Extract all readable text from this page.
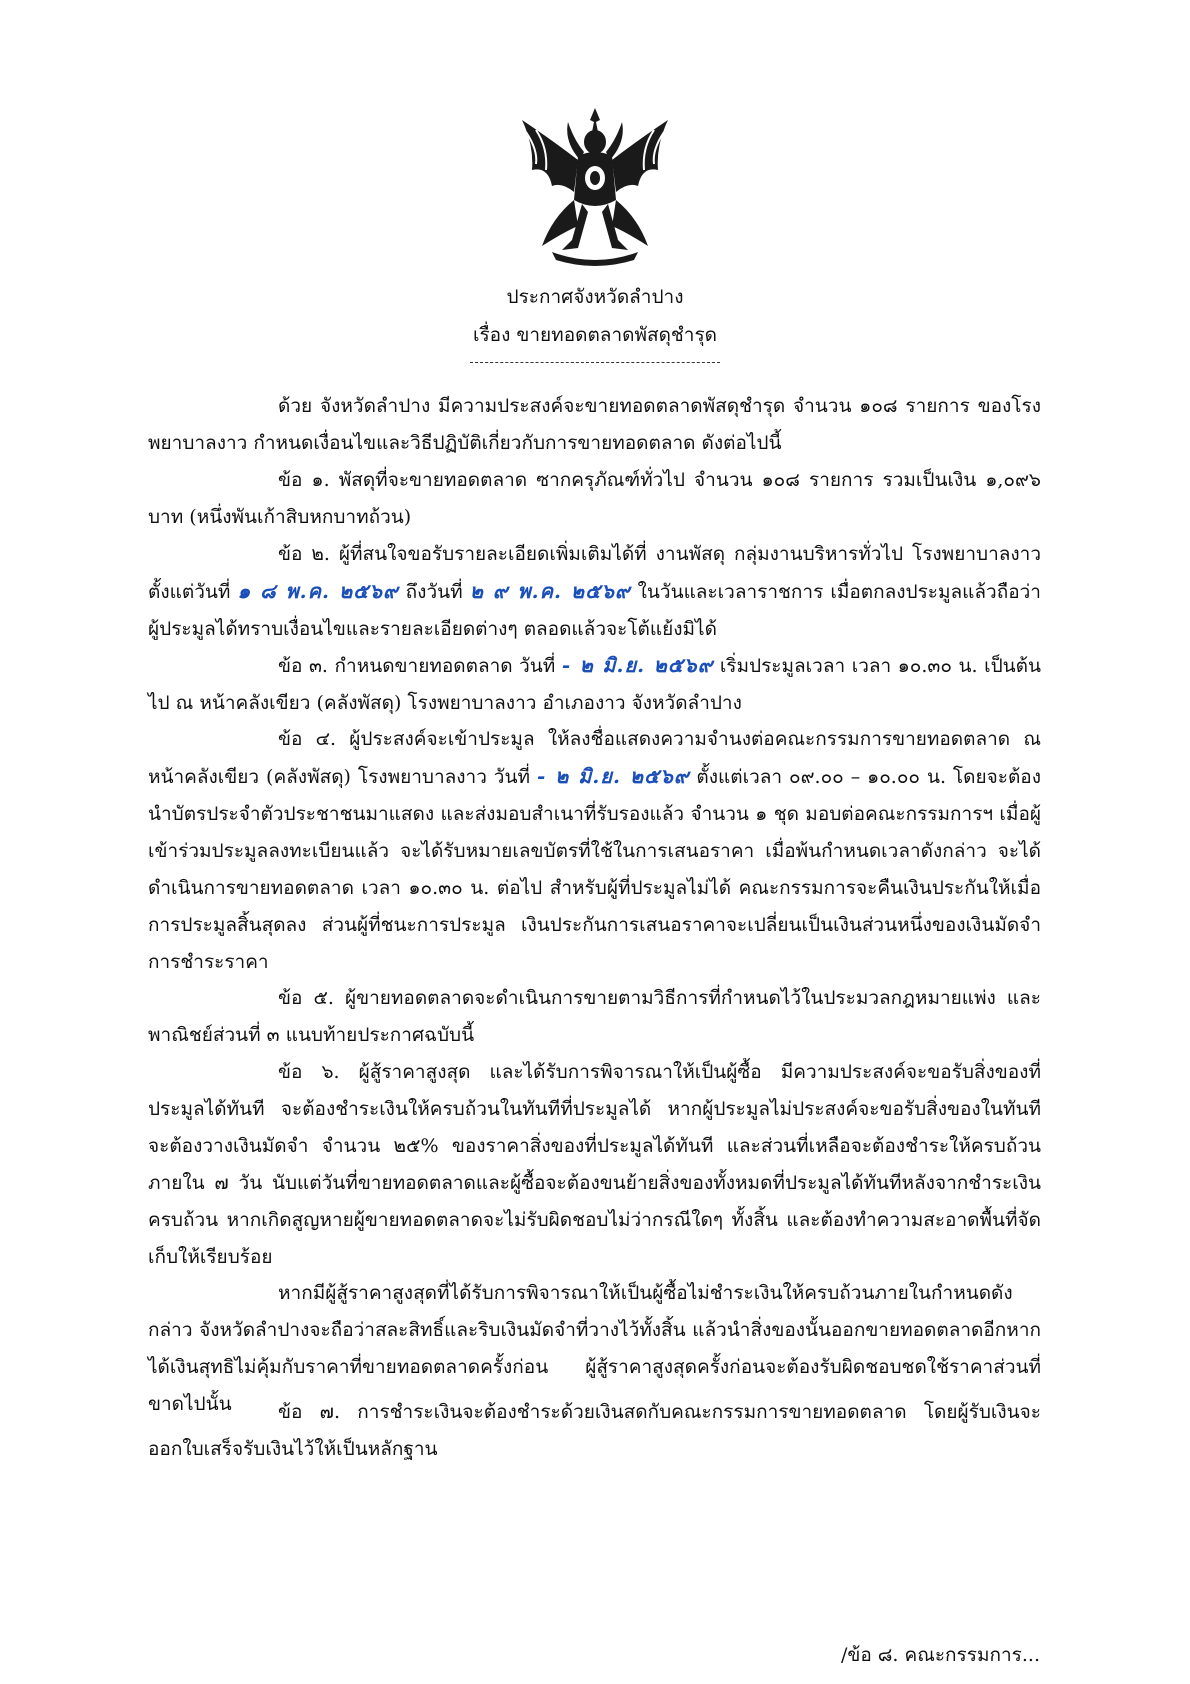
ประกาศจังหวัดลำปาง
เรื่อง ขายทอดตลาดพัสดุชำรุด

ด้วย จังหวัดลำปาง มีความประสงค์จะขายทอดตลาดพัสดุชำรุด จำนวน ๑๐๘ รายการ ของโรงพยาบาลงาว กำหนดเงื่อนไขและวิธีปฏิบัติเกี่ยวกับการขายทอดตลาด ดังต่อไปนี้

ข้อ ๑. พัสดุที่จะขายทอดตลาด ซากครุภัณฑ์ทั่วไป จำนวน ๑๐๘ รายการ รวมเป็นเงิน ๑,๐๙๖ บาท (หนึ่งพันเก้าสิบหกบาทถ้วน)

ข้อ ๒. ผู้ที่สนใจขอรับรายละเอียดเพิ่มเติมได้ที่ งานพัสดุ กลุ่มงานบริหารทั่วไป โรงพยาบาลงาว ตั้งแต่วันที่ ๑ ๘ พ.ค. ๒๕๖๙ ถึงวันที่ ๒ ๙ พ.ค. ๒๕๖๙ ในวันและเวลาราชการ เมื่อตกลงประมูลแล้วถือว่าผู้ประมูลได้ทราบเงื่อนไขและรายละเอียดต่างๆ ตลอดแล้วจะโต้แย้งมิได้

ข้อ ๓. กำหนดขายทอดตลาด วันที่ - ๒ มิ.ย. ๒๕๖๙ เริ่มประมูลเวลา เวลา ๑๐.๓๐ น. เป็นต้นไป ณ หน้าคลังเขียว (คลังพัสดุ) โรงพยาบาลงาว อำเภองาว จังหวัดลำปาง

ข้อ ๔. ผู้ประสงค์จะเข้าประมูล ให้ลงชื่อแสดงความจำนงต่อคณะกรรมการขายทอดตลาด ณ หน้าคลังเขียว (คลังพัสดุ) โรงพยาบาลงาว วันที่ - ๒ มิ.ย. ๒๕๖๙ ตั้งแต่เวลา ๐๙.๐๐ – ๑๐.๐๐ น. โดยจะต้องนำบัตรประจำตัวประชาชนมาแสดง และส่งมอบสำเนาที่รับรองแล้ว จำนวน ๑ ชุด มอบต่อคณะกรรมการฯ เมื่อผู้เข้าร่วมประมูลลงทะเบียนแล้ว จะได้รับหมายเลขบัตรที่ใช้ในการเสนอราคา เมื่อพ้นกำหนดเวลาดังกล่าว จะได้ดำเนินการขายทอดตลาด เวลา ๑๐.๓๐ น. ต่อไป สำหรับผู้ที่ประมูลไม่ได้ คณะกรรมการจะคืนเงินประกันให้เมื่อการประมูลสิ้นสุดลง ส่วนผู้ที่ชนะการประมูล เงินประกันการเสนอราคาจะเปลี่ยนเป็นเงินส่วนหนึ่งของเงินมัดจำการชำระราคา

ข้อ ๕. ผู้ขายทอดตลาดจะดำเนินการขายตามวิธีการที่กำหนดไว้ในประมวลกฎหมายแพ่ง และพาณิชย์ส่วนที่ ๓ แนบท้ายประกาศฉบับนี้

ข้อ ๖. ผู้สู้ราคาสูงสุด และได้รับการพิจารณาให้เป็นผู้ซื้อ มีความประสงค์จะขอรับสิ่งของที่ประมูลได้ทันที จะต้องชำระเงินให้ครบถ้วนในทันทีที่ประมูลได้ หากผู้ประมูลไม่ประสงค์จะขอรับสิ่งของในทันทีจะต้องวางเงินมัดจำ จำนวน ๒๕% ของราคาสิ่งของที่ประมูลได้ทันที และส่วนที่เหลือจะต้องชำระให้ครบถ้วนภายใน ๗ วัน นับแต่วันที่ขายทอดตลาดและผู้ซื้อจะต้องขนย้ายสิ่งของทั้งหมดที่ประมูลได้ทันทีหลังจากชำระเงินครบถ้วน หากเกิดสูญหายผู้ขายทอดตลาดจะไม่รับผิดชอบไม่ว่ากรณีใดๆ ทั้งสิ้น และต้องทำความสะอาดพื้นที่จัดเก็บให้เรียบร้อย

หากมีผู้สู้ราคาสูงสุดที่ได้รับการพิจารณาให้เป็นผู้ซื้อไม่ชำระเงินให้ครบถ้วนภายในกำหนดดังกล่าว จังหวัดลำปางจะถือว่าสละสิทธิ์และริบเงินมัดจำที่วางไว้ทั้งสิ้น แล้วนำสิ่งของนั้นออกขายทอดตลาดอีกหากได้เงินสุทธิไม่คุ้มกับราคาที่ขายทอดตลาดครั้งก่อน ผู้สู้ราคาสูงสุดครั้งก่อนจะต้องรับผิดชอบชดใช้ราคาส่วนที่ขาดไปนั้น	ข้อ ๗. การชำระเงินจะต้องชำระด้วยเงินสดกับคณะกรรมการขายทอดตลาด โดยผู้รับเงินจะออกใบเสร็จรับเงินไว้ให้เป็นหลักฐาน

/ข้อ ๘. คณะกรรมการ...
